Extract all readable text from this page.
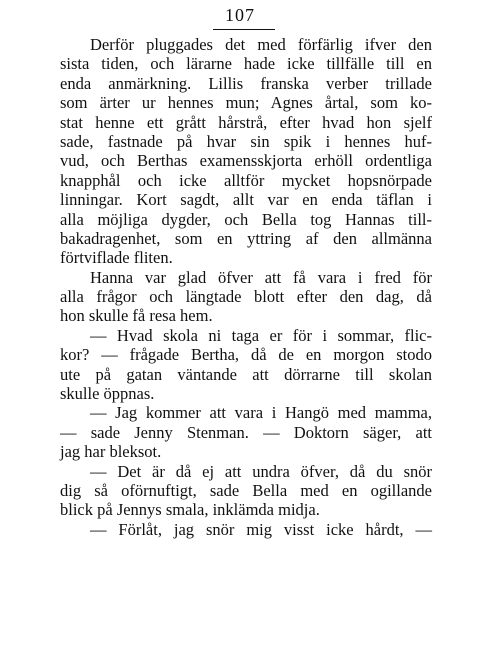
107

Derför pluggades det med förfärlig ifver den
sista tiden, och lärarne hade icke tillfälle till en
enda anmärkning. Lillis franska verber trillade
som ärter ur hennes mun; Agnes årtal, som ko-
stat henne ett grått hårstrå, efter hvad hon sjelf
sade, fastnade på hvar sin spik i hennes huf-
vud, och Berthas examensskjorta erhöll ordentliga
knapphål och icke alltför mycket hopsnörpade
linningar. Kort sagdt, allt var en enda täflan i
alla möjliga dygder, och Bella tog Hannas till-
bakadragenhet, som en yttring af den allmänna
förtviflade fliten.

Hanna var glad öfver att få vara i fred för
alla frågor och längtade blott efter den dag, då
hon skulle få resa hem.

— Hvad skola ni taga er för i sommar, flic-
kor? — frågade Bertha, då de en morgon stodo
ute på gatan väntande att dörrarne till skolan
skulle öppnas.

— Jag kommer att vara i Hangö med mamma,
— sade Jenny Stenman. — Doktorn säger, att
jag har bleksot.

— Det är då ej att undra öfver, då du snör
dig så oförnuftigt, sade Bella med en ogillande
blick på Jennys smala, inklämda midja.

— Förlåt, jag snör mig visst icke hårdt, —
